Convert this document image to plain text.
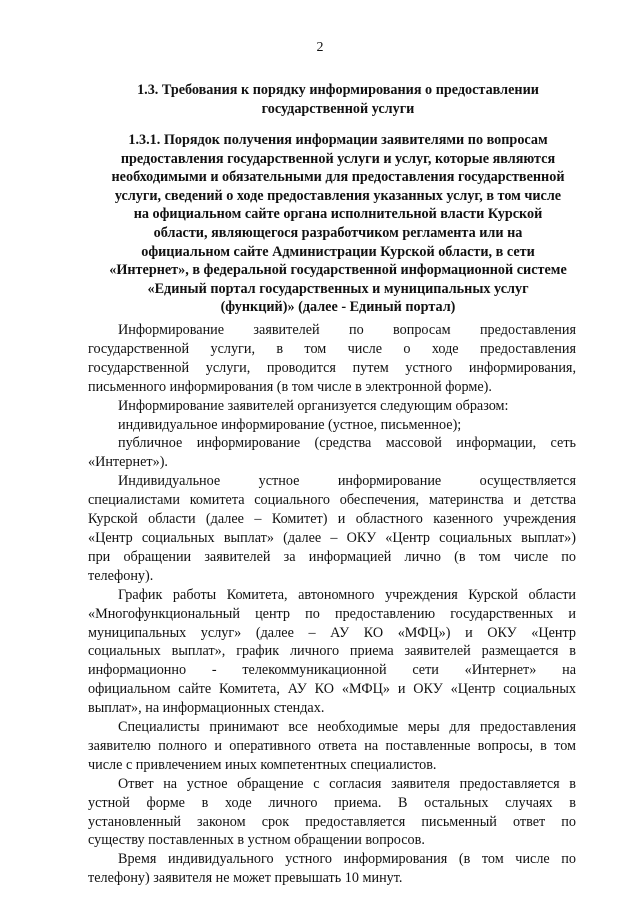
2
1.3. Требования к порядку информирования о предоставлении государственной услуги
1.3.1. Порядок получения информации заявителями по вопросам
предоставления государственной услуги и услуг, которые являются
необходимыми и обязательными для предоставления государственной
услуги, сведений о ходе предоставления указанных услуг, в том числе
на официальном сайте органа исполнительной власти Курской
области, являющегося разработчиком регламента или на
официальном сайте Администрации Курской области, в сети
«Интернет», в федеральной государственной информационной системе
«Единый портал государственных и муниципальных услуг
(функций)» (далее - Единый портал)

Информирование заявителей по вопросам предоставления
государственной услуги, в том числе о ходе предоставления
государственной услуги, проводится путем устного информирования,
письменного информирования (в том числе в электронной форме).

Информирование заявителей организуется следующим образом:

индивидуальное информирование (устное, письменное);

публичное информирование (средства массовой информации, сеть
«Интернет»).

Индивидуальное устное информирование осуществляется
специалистами комитета социального обеспечения, материнства и детства
Курской области (далее – Комитет) и областного казенного учреждения
«Центр социальных выплат» (далее – ОКУ «Центр социальных выплат»)
при обращении заявителей за информацией лично (в том числе по
телефону).

График работы Комитета, автономного учреждения Курской области
«Многофункциональный центр по предоставлению государственных и
муниципальных услуг» (далее – АУ КО «МФЦ») и ОКУ «Центр
социальных выплат», график личного приема заявителей размещается в
информационно - телекоммуникационной сети «Интернет» на
официальном сайте Комитета, АУ КО «МФЦ» и ОКУ «Центр социальных
выплат», на информационных стендах.

Специалисты принимают все необходимые меры для предоставления
заявителю полного и оперативного ответа на поставленные вопросы, в том
числе с привлечением иных компетентных специалистов.

Ответ на устное обращение с согласия заявителя предоставляется в
устной форме в ходе личного приема. В остальных случаях в
установленный законом срок предоставляется письменный ответ по
существу поставленных в устном обращении вопросов.

Время индивидуального устного информирования (в том числе по
телефону) заявителя не может превышать 10 минут.
